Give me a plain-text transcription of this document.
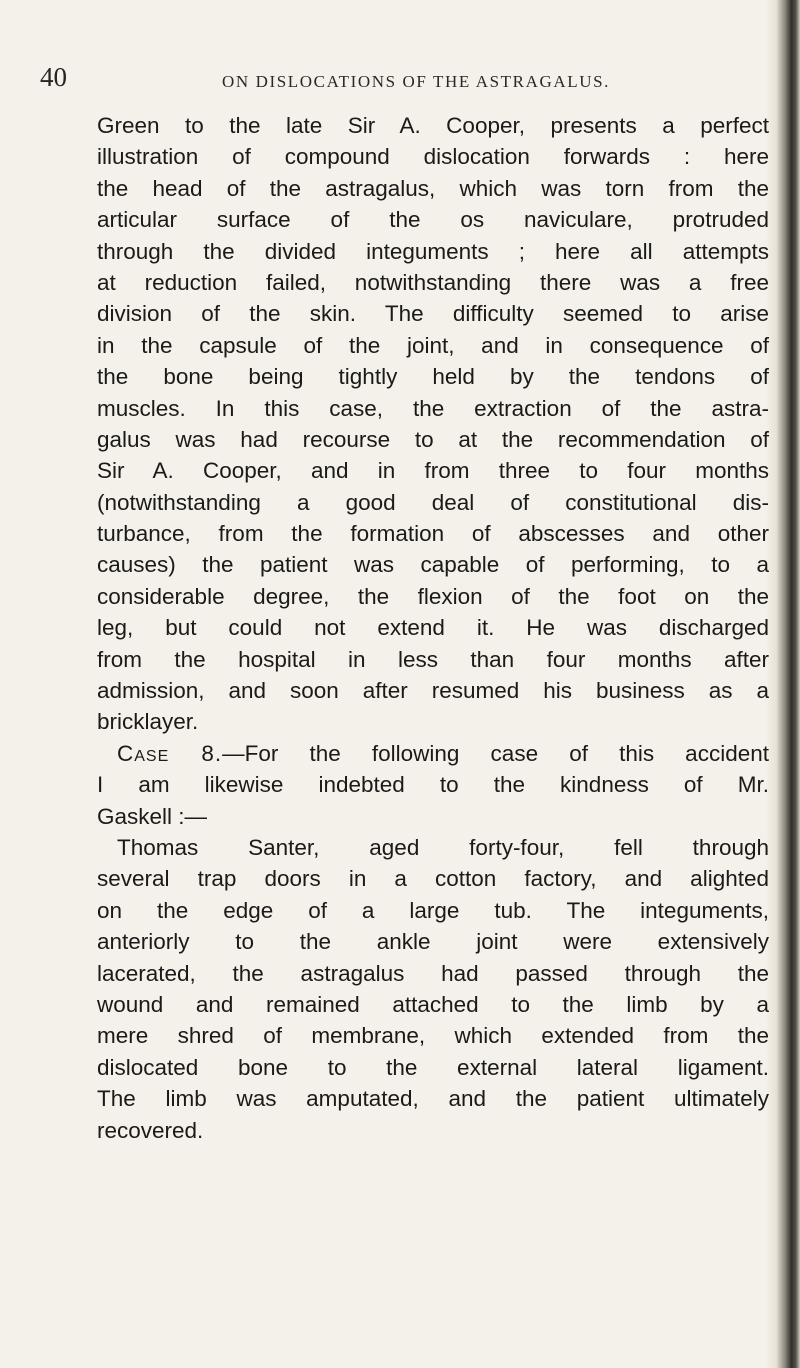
40	ON DISLOCATIONS OF THE ASTRAGALUS.
Green to the late Sir A. Cooper, presents a perfect
illustration of compound dislocation forwards : here
the head of the astragalus, which was torn from the
articular surface of the os naviculare, protruded
through the divided integuments ; here all attempts
at reduction failed, notwithstanding there was a free
division of the skin. The difficulty seemed to arise
in the capsule of the joint, and in consequence of
the bone being tightly held by the tendons of
muscles. In this case, the extraction of the astra-
galus was had recourse to at the recommendation of
Sir A. Cooper, and in from three to four months
(notwithstanding a good deal of constitutional dis-
turbance, from the formation of abscesses and other
causes) the patient was capable of performing, to a
considerable degree, the flexion of the foot on the
leg, but could not extend it. He was discharged
from the hospital in less than four months after
admission, and soon after resumed his business as a
bricklayer.
Case 8.—For the following case of this accident
I am likewise indebted to the kindness of Mr.
Gaskell :—
Thomas Santer, aged forty-four, fell through
several trap doors in a cotton factory, and alighted
on the edge of a large tub. The integuments,
anteriorly to the ankle joint were extensively
lacerated, the astragalus had passed through the
wound and remained attached to the limb by a
mere shred of membrane, which extended from the
dislocated bone to the external lateral ligament.
The limb was amputated, and the patient ultimately
recovered.
